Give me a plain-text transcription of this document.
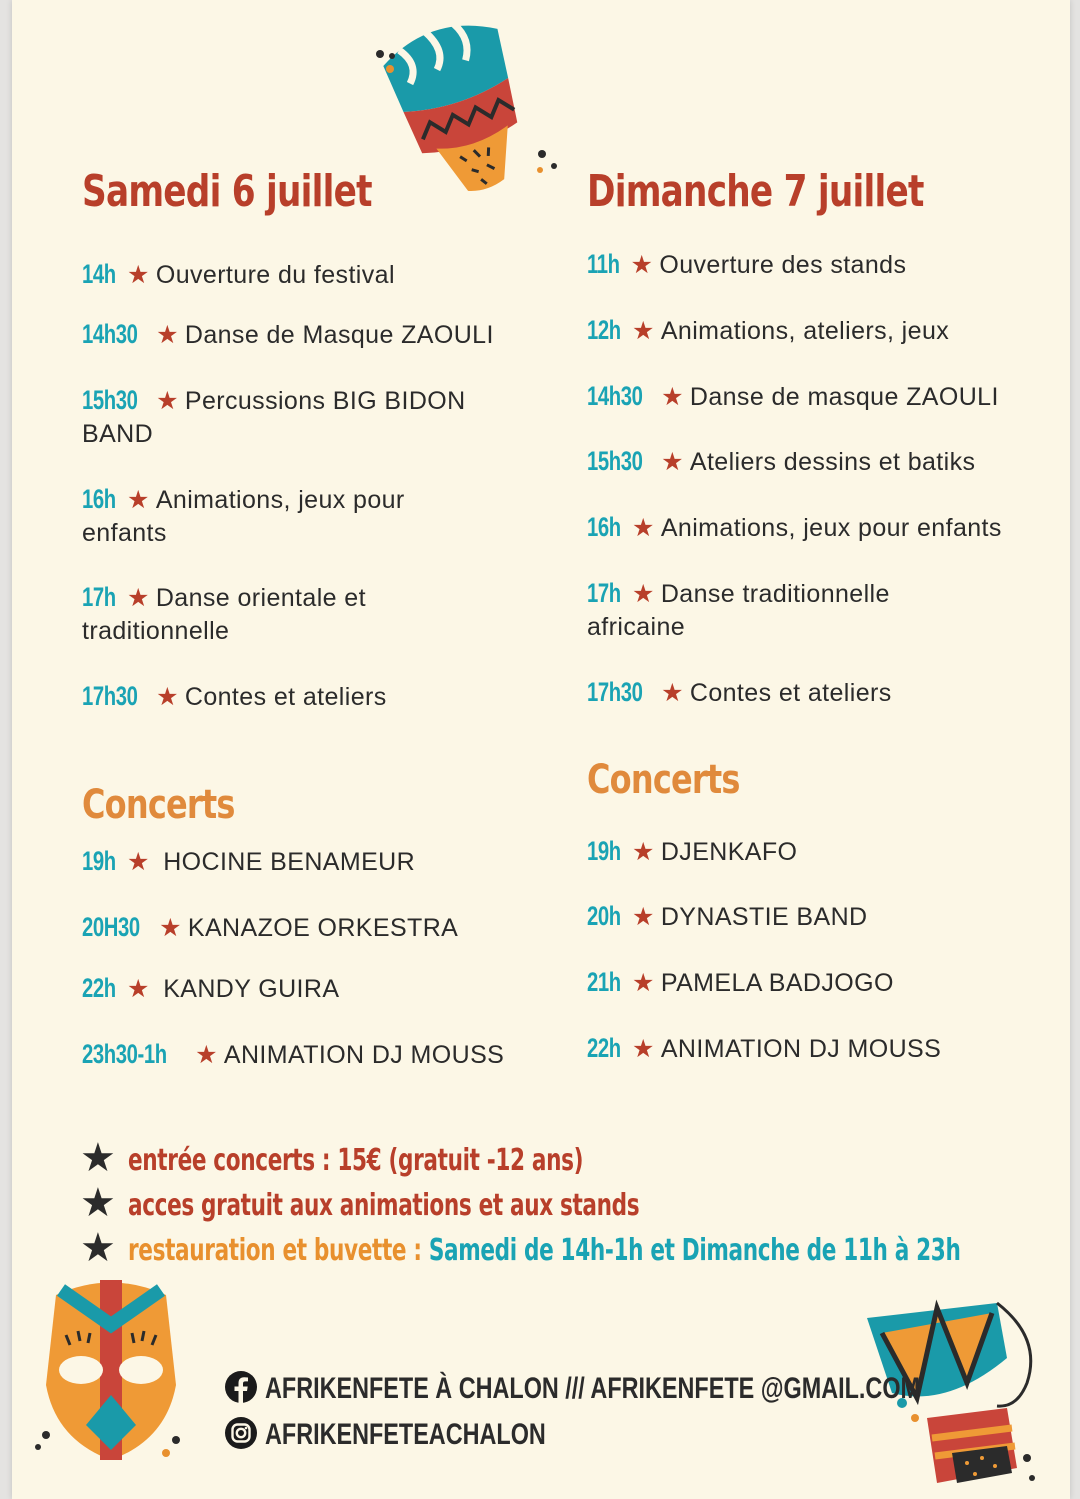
Samedi 6 juillet
14h ★ Ouverture du festival
14h30 ★ Danse de Masque ZAOULI
15h30 ★ Percussions BIG BIDON BAND
16h ★ Animations, jeux pour enfants
17h ★ Danse orientale et traditionnelle
17h30 ★ Contes et ateliers
Concerts
19h ★ HOCINE BENAMEUR
20H30 ★ KANAZOE ORKESTRA
22h ★ KANDY GUIRA
23h30-1h ★ ANIMATION DJ MOUSS
Dimanche 7 juillet
11h ★ Ouverture des stands
12h ★ Animations, ateliers, jeux
14h30 ★ Danse de masque ZAOULI
15h30 ★ Ateliers dessins et batiks
16h ★ Animations, jeux pour enfants
17h ★ Danse traditionnelle africaine
17h30 ★ Contes et ateliers
Concerts
19h ★ DJENKAFO
20h ★ DYNASTIE BAND
21h ★ PAMELA BADJOGO
22h ★ ANIMATION DJ MOUSS
★ entrée concerts : 15€ (gratuit -12 ans)
★ acces gratuit aux animations et aux stands
★ restauration et buvette : Samedi de 14h-1h et Dimanche de 11h à 23h
AFRIKENFETE À CHALON /// AFRIKENFETE @GMAIL.COM
AFRIKENFETEACHALON
